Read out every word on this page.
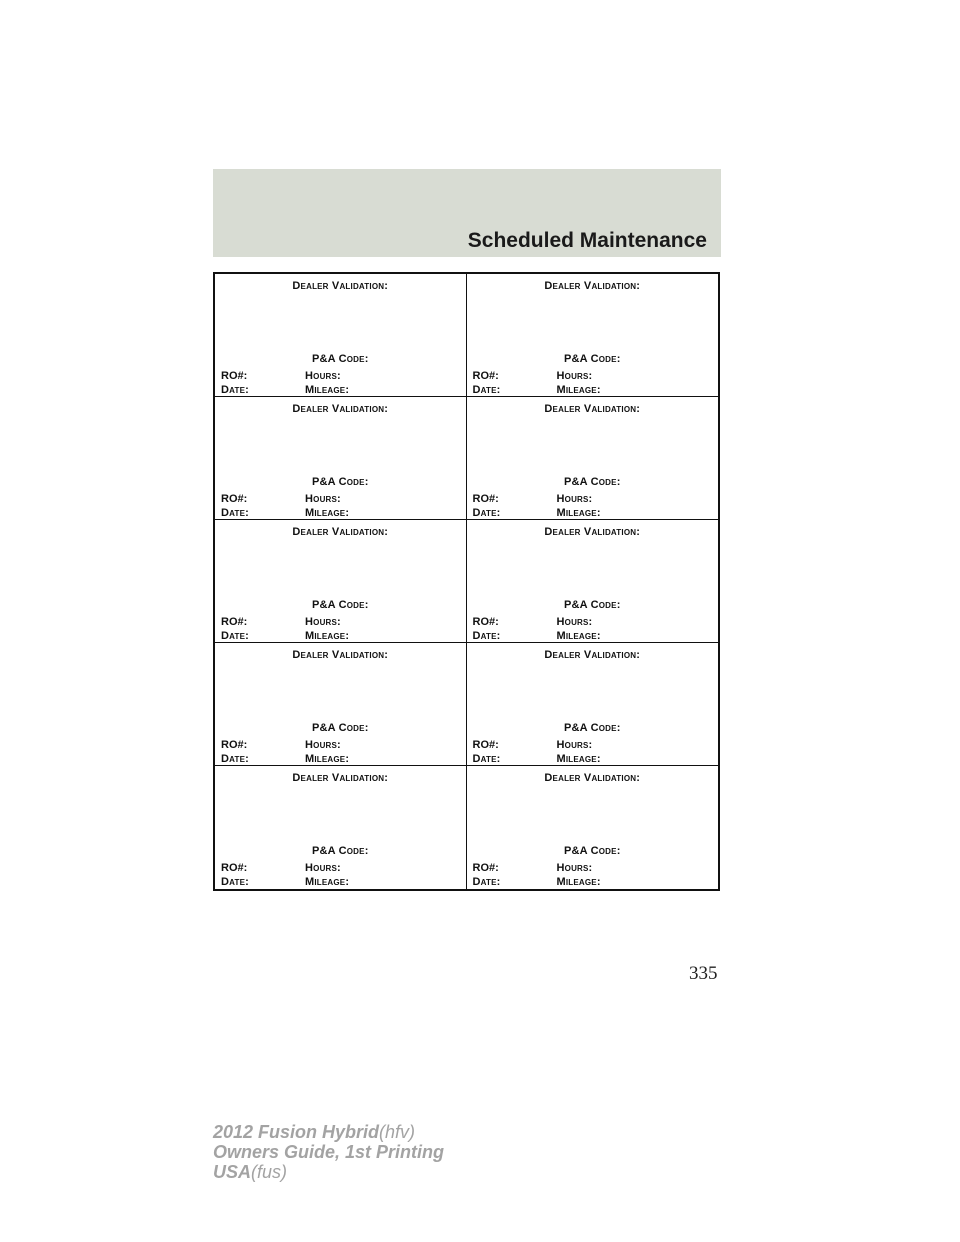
Scheduled Maintenance
Dealer Validation:
P&A Code:
RO#:	Hours:
Date:	Mileage:
Dealer Validation:
P&A Code:
RO#:	Hours:
Date:	Mileage:
Dealer Validation:
P&A Code:
RO#:	Hours:
Date:	Mileage:
Dealer Validation:
P&A Code:
RO#:	Hours:
Date:	Mileage:
Dealer Validation:
P&A Code:
RO#:	Hours:
Date:	Mileage:
Dealer Validation:
P&A Code:
RO#:	Hours:
Date:	Mileage:
Dealer Validation:
P&A Code:
RO#:	Hours:
Date:	Mileage:
Dealer Validation:
P&A Code:
RO#:	Hours:
Date:	Mileage:
Dealer Validation:
P&A Code:
RO#:	Hours:
Date:	Mileage:
Dealer Validation:
P&A Code:
RO#:	Hours:
Date:	Mileage:
335
2012 Fusion Hybrid(hfv)
Owners Guide, 1st Printing
USA(fus)
